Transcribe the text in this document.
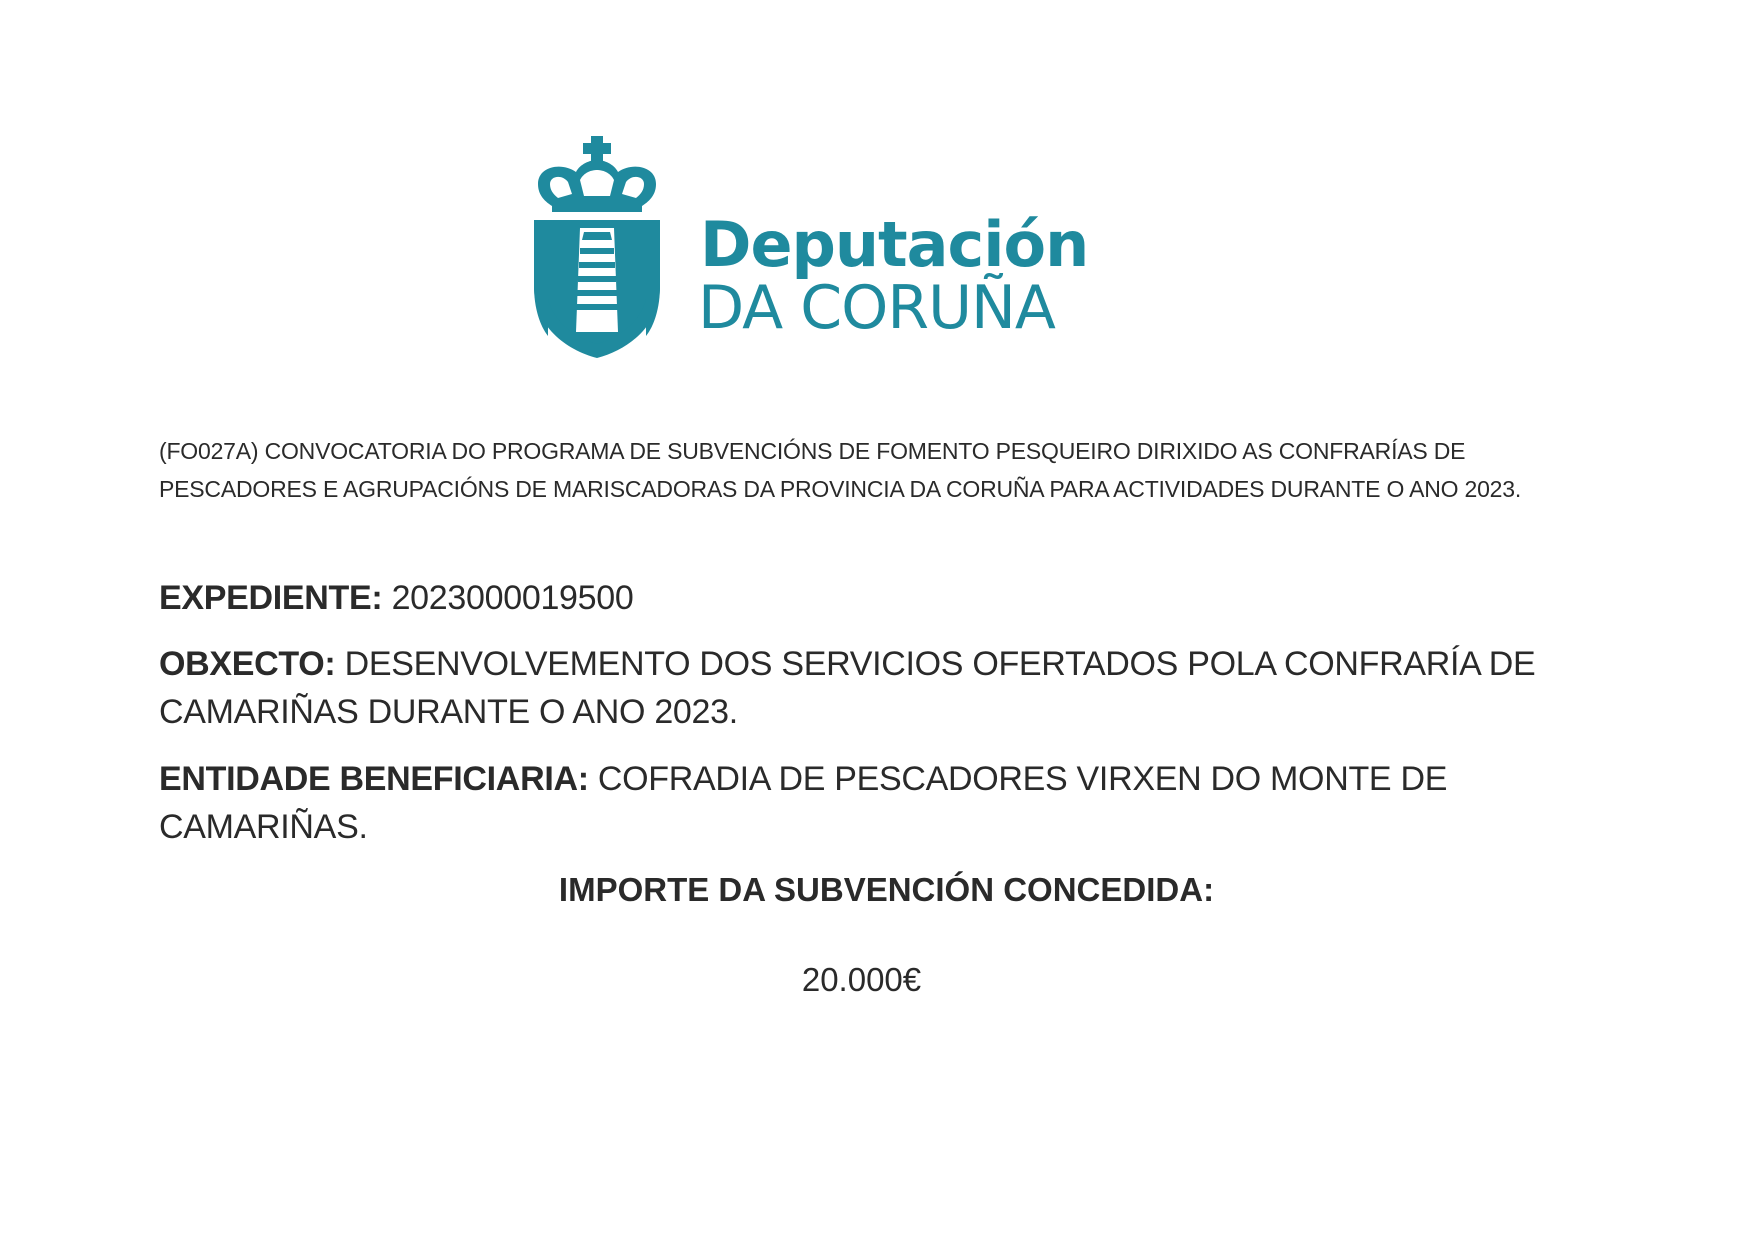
Deputación
DA CORUÑA
(FO027A) CONVOCATORIA DO PROGRAMA DE SUBVENCIÓNS DE FOMENTO PESQUEIRO DIRIXIDO AS CONFRARÍAS DE PESCADORES E AGRUPACIÓNS DE MARISCADORAS DA PROVINCIA DA CORUÑA PARA ACTIVIDADES DURANTE O ANO 2023.
EXPEDIENTE: 2023000019500
OBXECTO: DESENVOLVEMENTO DOS SERVICIOS OFERTADOS POLA CONFRARÍA DE CAMARIÑAS DURANTE O ANO 2023.
ENTIDADE BENEFICIARIA: COFRADIA DE PESCADORES VIRXEN DO MONTE DE CAMARIÑAS.
IMPORTE DA SUBVENCIÓN CONCEDIDA:
20.000€
